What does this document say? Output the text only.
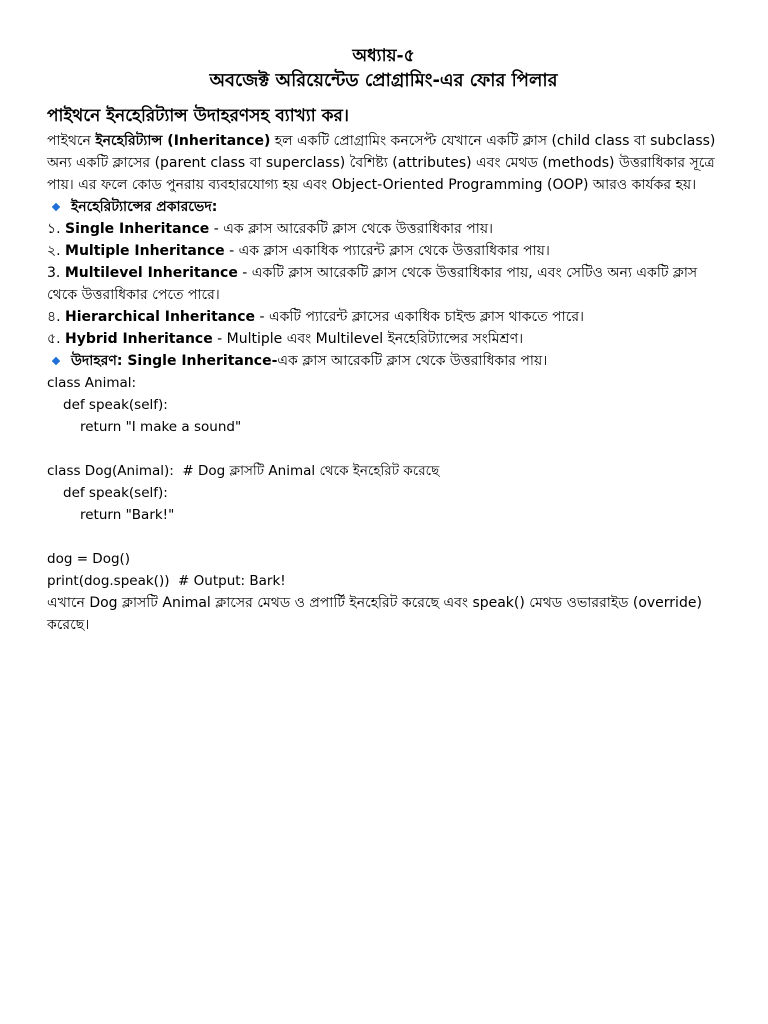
অধ্যায়-৫
অবজেক্ট অরিয়েন্টেড প্রোগ্রামিং-এর ফোর পিলার
পাইথনে ইনহেরিট্যান্স উদাহরণসহ ব্যাখ্যা কর।
পাইথনে ইনহেরিট্যান্স (Inheritance) হল একটি প্রোগ্রামিং কনসেপ্ট যেখানে একটি ক্লাস (child class বা subclass) অন্য একটি ক্লাসের (parent class বা superclass) বৈশিষ্ট্য (attributes) এবং মেথড (methods) উত্তরাধিকার সূত্রে পায়। এর ফলে কোড পুনরায় ব্যবহারযোগ্য হয় এবং Object-Oriented Programming (OOP) আরও কার্যকর হয়।
ইনহেরিট্যান্সের প্রকারভেদ:
১. Single Inheritance - এক ক্লাস আরেকটি ক্লাস থেকে উত্তরাধিকার পায়।
২. Multiple Inheritance - এক ক্লাস একাধিক প্যারেন্ট ক্লাস থেকে উত্তরাধিকার পায়।
3. Multilevel Inheritance - একটি ক্লাস আরেকটি ক্লাস থেকে উত্তরাধিকার পায়, এবং সেটিও অন্য একটি ক্লাস থেকে উত্তরাধিকার পেতে পারে।
৪. Hierarchical Inheritance - একটি প্যারেন্ট ক্লাসের একাধিক চাইল্ড ক্লাস থাকতে পারে।
৫. Hybrid Inheritance - Multiple এবং Multilevel ইনহেরিট্যান্সের সংমিশ্রণ।
উদাহরণ: Single Inheritance- এক ক্লাস আরেকটি ক্লাস থেকে উত্তরাধিকার পায়।
class Animal:
def speak(self):
return "I make a sound"
class Dog(Animal):  # Dog ক্লাসটি Animal থেকে ইনহেরিট করেছে
def speak(self):
return "Bark!"
dog = Dog()
print(dog.speak())  # Output: Bark!
এখানে Dog ক্লাসটি Animal ক্লাসের মেথড ও প্রপার্টি ইনহেরিট করেছে এবং speak() মেথড ওভাররাইড (override) করেছে।
